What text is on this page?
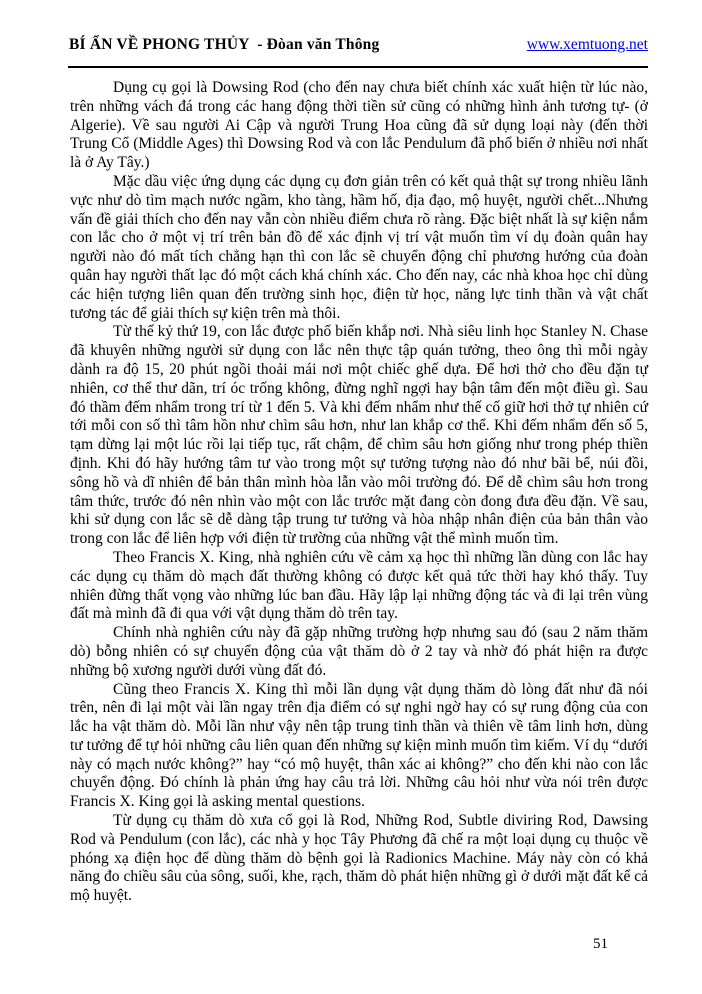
BÍ ẨN VỀ PHONG THỦY  - Đòan văn Thông	www.xemtuong.net

Dụng cụ gọi là Dowsing Rod (cho đến nay chưa biết chính xác xuất hiện từ lúc nào, trên những vách đá trong các hang động thời tiền sử cũng có những hình ảnh tương tự- (ở Algerie). Về sau người Ai Cập và người Trung Hoa cũng đã sử dụng loại này (đến thời Trung Cổ (Middle Ages) thì Dowsing Rod và con lắc Pendulum đã phổ biến ở nhiều nơi nhất là ở Ay Tây.)

Mặc dầu việc ứng dụng các dụng cụ đơn giản trên có kết quả thật sự trong nhiều lãnh vực như dò tìm mạch nước ngầm, kho tàng, hầm hố, địa đạo, mộ huyệt, người chết...Nhưng vấn đề giải thích cho đến nay vẫn còn nhiều điểm chưa rõ ràng. Đặc biệt nhất là sự kiện nắm con lắc cho ở một vị trí trên bản đồ để xác định vị trí vật muốn tìm ví dụ đoàn quân hay người nào đó mất tích chẳng hạn thì con lắc sẽ chuyển động chỉ phương hướng của đoàn quân hay người thất lạc đó một cách khá chính xác. Cho đến nay, các nhà khoa học chỉ dùng các hiện tượng liên quan đến trường sinh học, điện từ học, năng lực tinh thần và vật chất tương tác để giải thích sự kiện trên mà thôi.

Từ thế kỷ thứ 19, con lắc được phổ biến khắp nơi. Nhà siêu linh học Stanley N. Chase đã khuyên những người sử dụng con lắc nên thực tập quán tưởng, theo ông thì mỗi ngày dành ra độ 15, 20 phút ngồi thoải mái nơi một chiếc ghế dựa. Để hơi thở cho đều đặn tự nhiên, cơ thể thư dãn, trí óc trống không, đừng nghĩ ngợi hay bận tâm đến một điều gì. Sau đó thầm đếm nhẩm trong trí từ 1 đến 5. Và khi đếm nhẩm như thế cố giữ hơi thở tự nhiên cứ tới mỗi con số thì tâm hồn như chìm sâu hơn, như lan khắp cơ thể. Khi đếm nhẩm đến số 5, tạm dừng lại một lúc rồi lại tiếp tục, rất chậm, để chìm sâu hơn giống như trong phép thiền định. Khi đó hãy hướng tâm tư vào trong một sự tưởng tượng nào đó như bãi bể, núi đồi, sông hồ và dĩ nhiên để bản thân mình hòa lẫn vào môi trường đó. Để dễ chìm sâu hơn trong tâm thức, trước đó nên nhìn vào một con lắc trước mặt đang còn đong đưa đều đặn. Về sau, khi sử dụng con lắc sẽ dễ dàng tập trung tư tưởng và hòa nhập nhân điện của bản thân vào trong con lắc để liên hợp với điện từ trường của những vật thể mình muốn tìm.

Theo Francis X. King, nhà nghiên cứu về cảm xạ học thì những lần dùng con lắc hay các dụng cụ thăm dò mạch đất thường không có được kết quả tức thời hay khó thấy. Tuy nhiên đừng thất vọng vào những lúc ban đầu. Hãy lập lại những động tác và đi lại trên vùng đất mà mình đã đi qua với vật dụng thăm dò trên tay.

Chính nhà nghiên cứu này đã gặp những trường hợp nhưng sau đó (sau 2 năm thăm dò) bỗng nhiên có sự chuyển động của vật thăm dò ở 2 tay và nhờ đó phát hiện ra được những bộ xương người dưới vùng đất đó.

Cũng theo Francis X. King thì mỗi lần dụng vật dụng thăm dò lòng đất như đã nói trên, nên đi lại một vài lần ngay trên địa điểm có sự nghi ngờ hay có sự rung động của con lắc ha vật thăm dò. Mỗi lần như vậy nên tập trung tinh thần và thiên về tâm linh hơn, dùng tư tưởng để tự hỏi những câu liên quan đến những sự kiện mình muốn tìm kiếm. Ví dụ “dưới này có mạch nước không?” hay “có mộ huyệt, thân xác ai không?” cho đến khi nào con lắc chuyển động. Đó chính là phản ứng hay câu trả lời. Những câu hỏi như vừa nói trên được Francis X. King gọi là asking mental questions.

Từ dụng cụ thăm dò xưa cổ gọi là Rod, Những Rod, Subtle diviring Rod, Dawsing Rod và Pendulum (con lắc), các nhà y học Tây Phương đã chế ra một loại dụng cụ thuộc về phóng xạ điện học để dùng thăm dò bệnh gọi là Radionics Machine. Máy này còn có khả năng đo chiều sâu của sông, suối, khe, rạch, thăm dò phát hiện những gì ở dưới mặt đất kể cả mộ huyệt.

51
